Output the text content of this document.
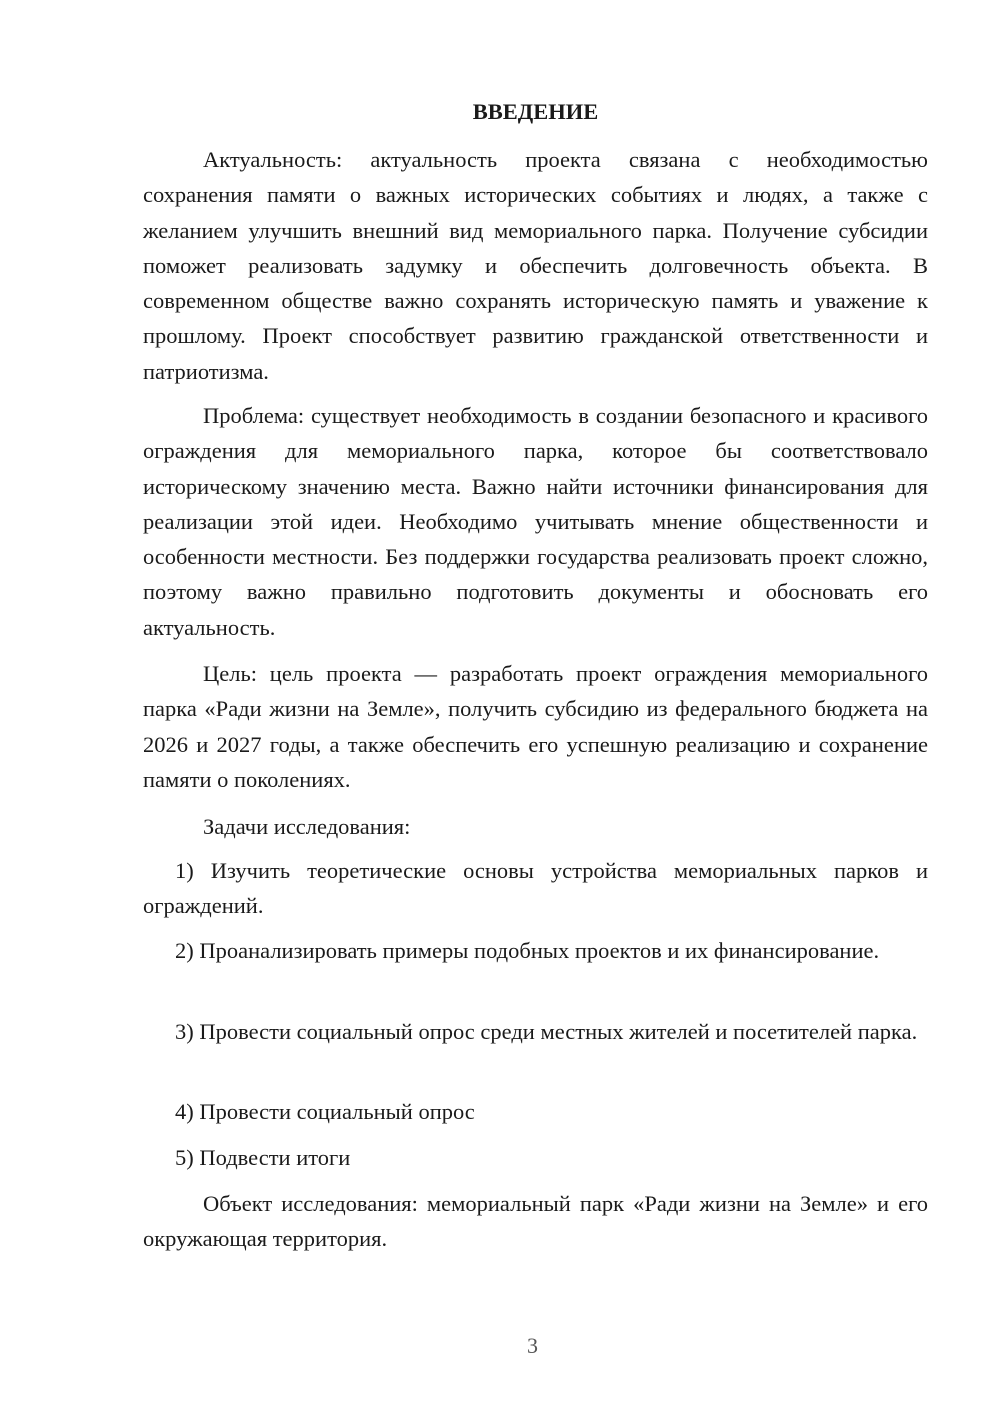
ВВЕДЕНИЕ

Актуальность: актуальность проекта связана с необходимостью сохранения памяти о важных исторических событиях и людях, а также с желанием улучшить внешний вид мемориального парка. Получение субсидии поможет реализовать задумку и обеспечить долговечность объекта. В современном обществе важно сохранять историческую память и уважение к прошлому. Проект способствует развитию гражданской ответственности и патриотизма.

Проблема: существует необходимость в создании безопасного и красивого ограждения для мемориального парка, которое бы соответствовало историческому значению места. Важно найти источники финансирования для реализации этой идеи. Необходимо учитывать мнение общественности и особенности местности. Без поддержки государства реализовать проект сложно, поэтому важно правильно подготовить документы и обосновать его актуальность.

Цель: цель проекта — разработать проект ограждения мемориального парка «Ради жизни на Земле», получить субсидию из федерального бюджета на 2026 и 2027 годы, а также обеспечить его успешную реализацию и сохранение памяти о поколениях.

Задачи исследования:

1) Изучить теоретические основы устройства мемориальных парков и ограждений.

2) Проанализировать примеры подобных проектов и их финансирование.

3) Провести социальный опрос среди местных жителей и посетителей парка.

4) Провести социальный опрос

5) Подвести итоги

Объект исследования: мемориальный парк «Ради жизни на Земле» и его окружающая территория.

3
